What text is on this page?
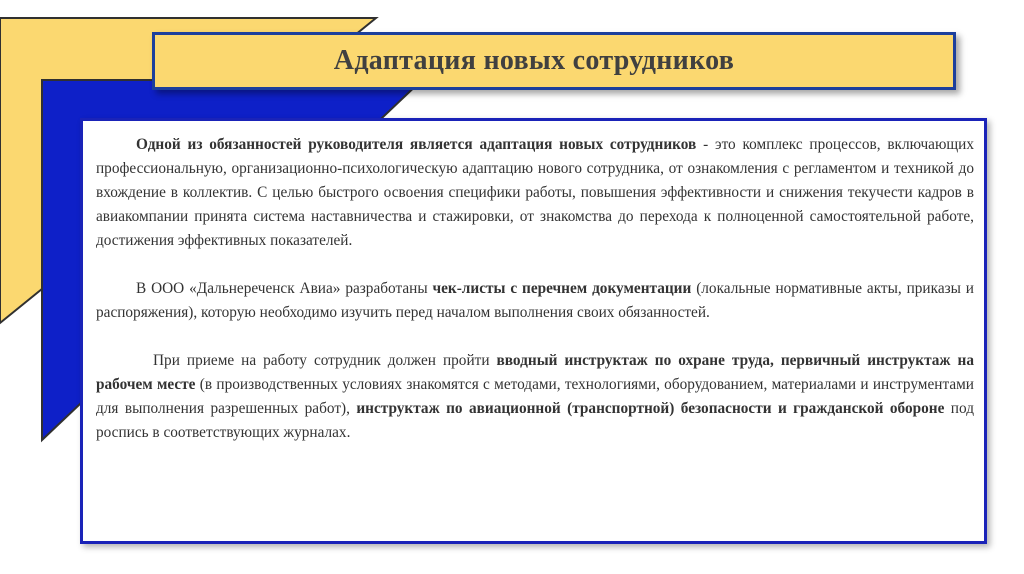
Адаптация новых сотрудников

Одной из обязанностей руководителя является адаптация новых сотрудников - это комплекс процессов, включающих профессиональную, организационно-психологическую адаптацию нового сотрудника, от ознакомления с регламентом и техникой до вхождение в коллектив. С целью быстрого освоения специфики работы, повышения эффективности и снижения текучести кадров в авиакомпании принята система наставничества и стажировки, от знакомства до перехода к полноценной самостоятельной работе, достижения эффективных показателей.

В ООО «Дальнереченск Авиа» разработаны чек-листы с перечнем документации (локальные нормативные акты, приказы и распоряжения), которую необходимо изучить перед началом выполнения своих обязанностей.

При приеме на работу сотрудник должен пройти вводный инструктаж по охране труда, первичный инструктаж на рабочем месте (в производственных условиях знакомятся с методами, технологиями, оборудованием, материалами и инструментами для выполнения разрешенных работ), инструктаж по авиационной (транспортной) безопасности и гражданской обороне под роспись в соответствующих журналах.
